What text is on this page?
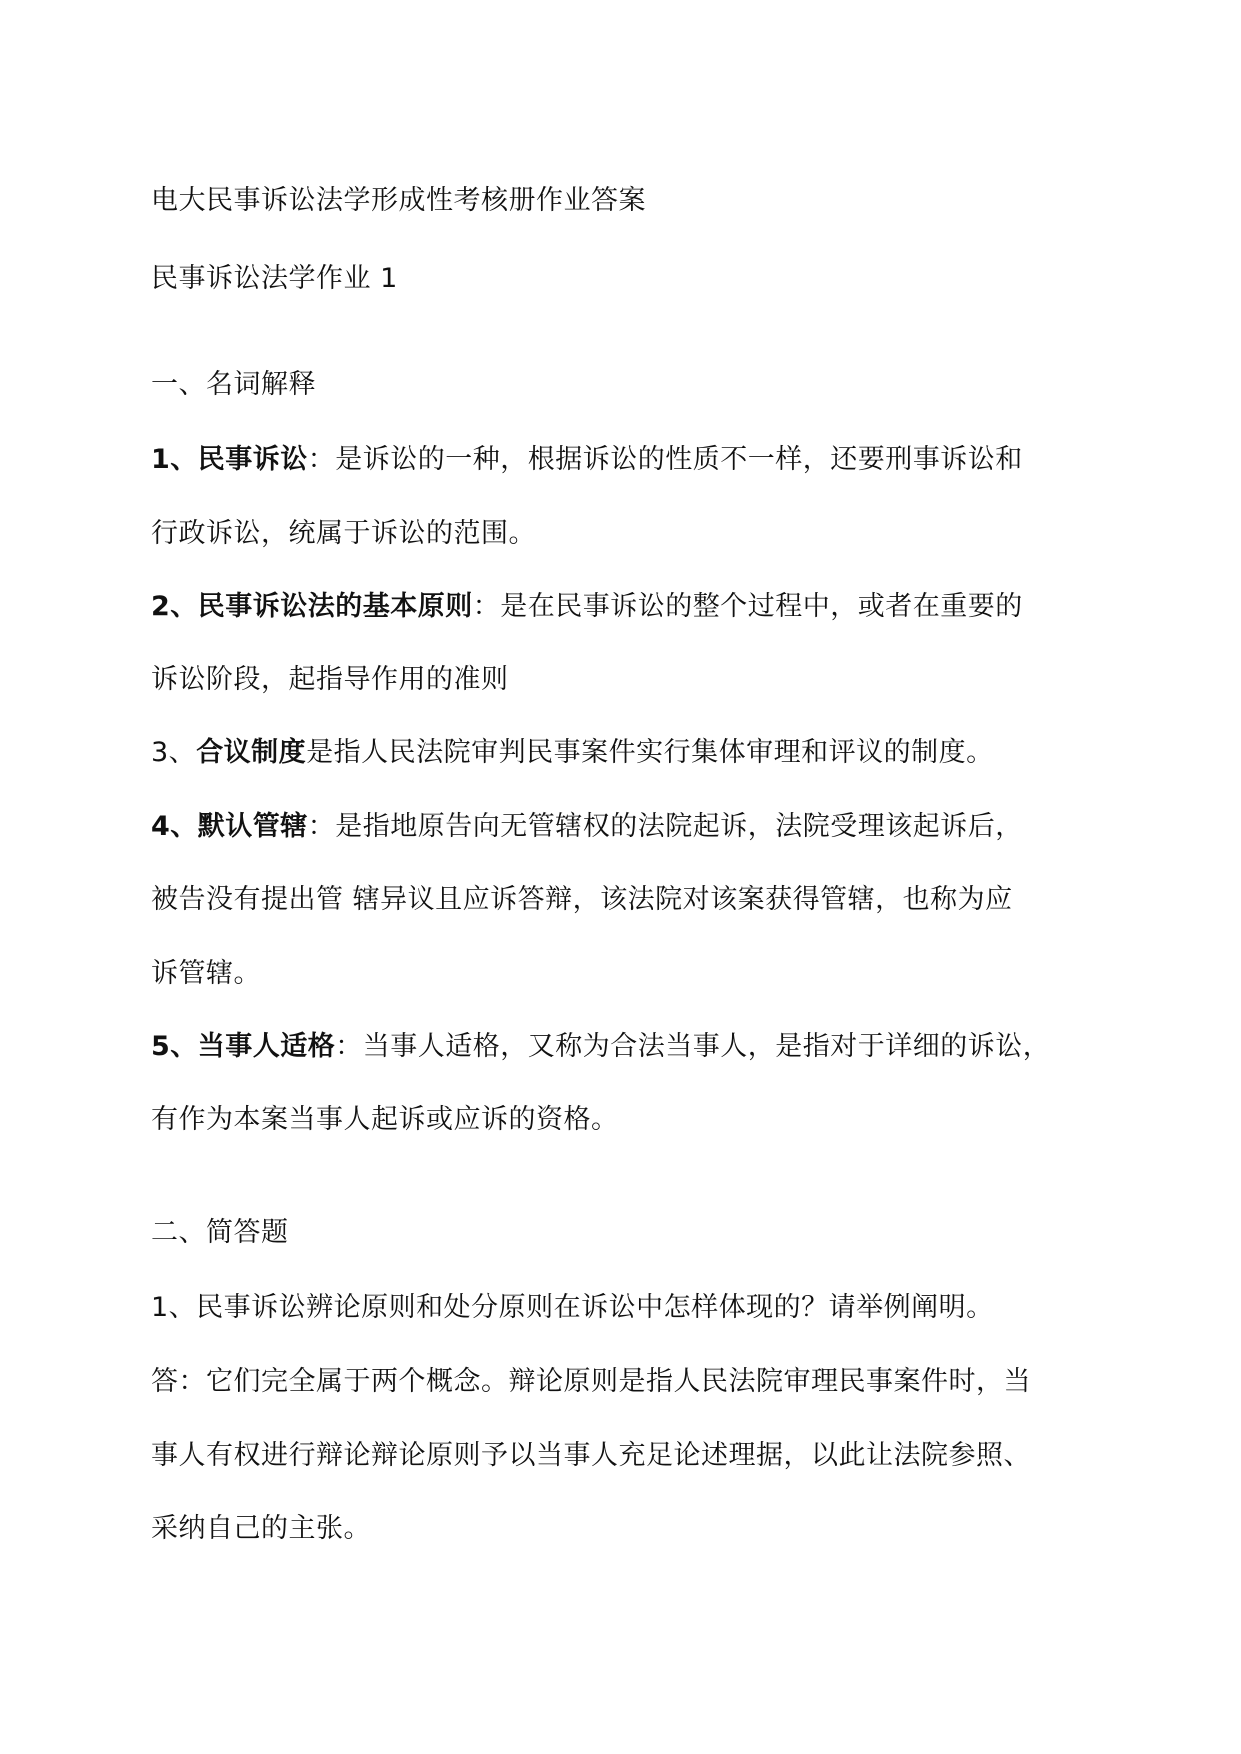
电大民事诉讼法学形成性考核册作业答案
民事诉讼法学作业 1
一、名词解释
1、民事诉讼：是诉讼的一种，根据诉讼的性质不一样，还要刑事诉讼和
行政诉讼，统属于诉讼的范围。
2、民事诉讼法的基本原则：是在民事诉讼的整个过程中，或者在重要的
诉讼阶段，起指导作用的准则
3、合议制度是指人民法院审判民事案件实行集体审理和评议的制度。
4、默认管辖：是指地原告向无管辖权的法院起诉，法院受理该起诉后，
被告没有提出管 辖异议且应诉答辩，该法院对该案获得管辖，也称为应
诉管辖。
5、当事人适格：当事人适格，又称为合法当事人，是指对于详细的诉讼，
有作为本案当事人起诉或应诉的资格。
二、简答题
1、民事诉讼辨论原则和处分原则在诉讼中怎样体现的？请举例阐明。
答：它们完全属于两个概念。辩论原则是指人民法院审理民事案件时，当
事人有权进行辩论辩论原则予以当事人充足论述理据，以此让法院参照、
采纳自己的主张。
